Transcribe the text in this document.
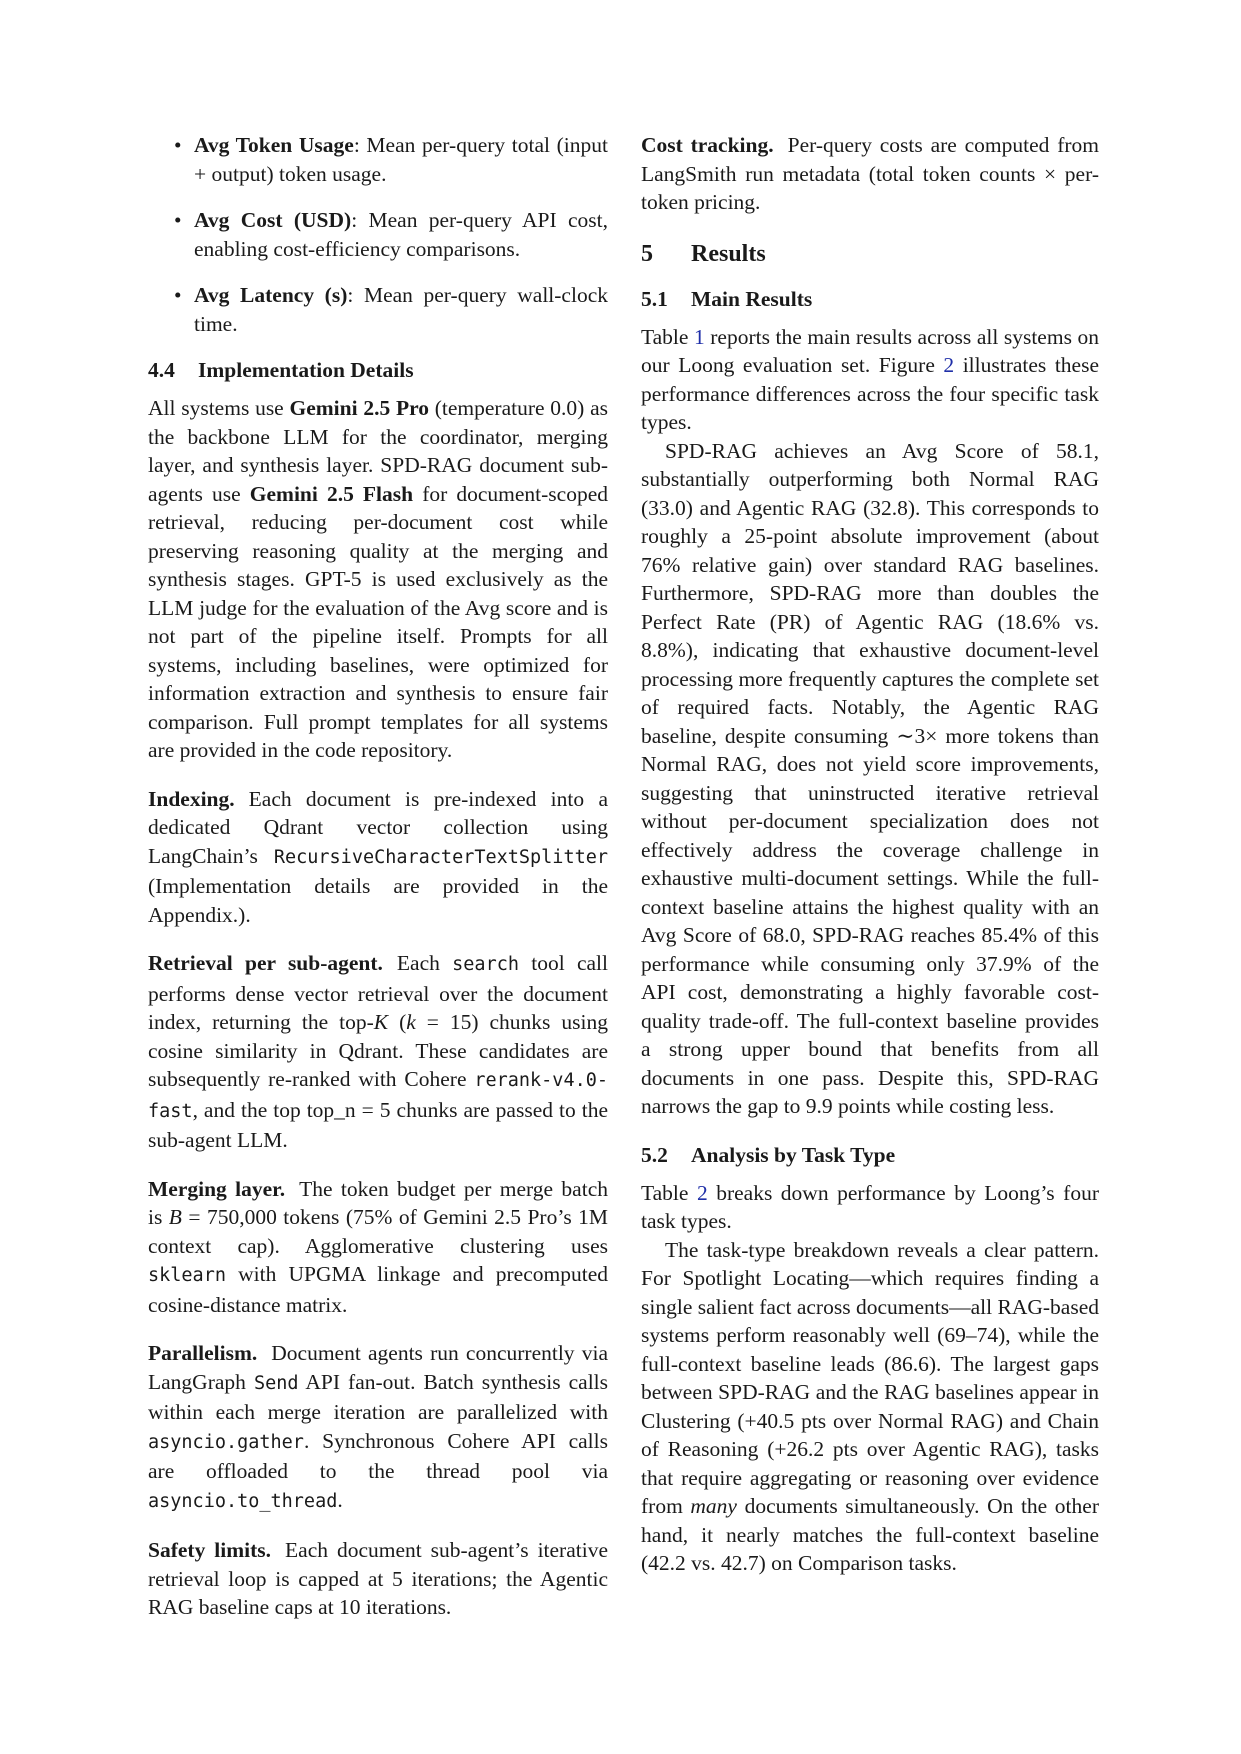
• Avg Token Usage: Mean per-query total (input + output) token usage.
• Avg Cost (USD): Mean per-query API cost, enabling cost-efficiency comparisons.
• Avg Latency (s): Mean per-query wall-clock time.
4.4 Implementation Details

All systems use Gemini 2.5 Pro (temperature 0.0) as the backbone LLM for the coordinator, merging layer, and synthesis layer. SPD-RAG document sub-agents use Gemini 2.5 Flash for document-scoped retrieval, reducing per-document cost while preserving reasoning quality at the merging and synthesis stages. GPT-5 is used exclusively as the LLM judge for the evaluation of the Avg score and is not part of the pipeline itself. Prompts for all systems, including baselines, were optimized for information extraction and synthesis to ensure fair comparison. Full prompt templates for all systems are provided in the code repository.

Indexing. Each document is pre-indexed into a dedicated Qdrant vector collection using LangChain’s RecursiveCharacterTextSplitter (Implementation details are provided in the Appendix.).

Retrieval per sub-agent. Each search tool call performs dense vector retrieval over the document index, returning the top-K (k = 15) chunks using cosine similarity in Qdrant. These candidates are subsequently re-ranked with Cohere rerank-v4.0-fast, and the top top_n = 5 chunks are passed to the sub-agent LLM.

Merging layer. The token budget per merge batch is B = 750,000 tokens (75% of Gemini 2.5 Pro’s 1M context cap). Agglomerative clustering uses sklearn with UPGMA linkage and precomputed cosine-distance matrix.

Parallelism. Document agents run concurrently via LangGraph Send API fan-out. Batch synthesis calls within each merge iteration are parallelized with asyncio.gather. Synchronous Cohere API calls are offloaded to the thread pool via asyncio.to_thread.

Safety limits. Each document sub-agent’s iterative retrieval loop is capped at 5 iterations; the Agentic RAG baseline caps at 10 iterations.

Cost tracking. Per-query costs are computed from LangSmith run metadata (total token counts × per-token pricing.

5 Results
5.1 Main Results

Table 1 reports the main results across all systems on our Loong evaluation set. Figure 2 illustrates these performance differences across the four specific task types.

SPD-RAG achieves an Avg Score of 58.1, substantially outperforming both Normal RAG (33.0) and Agentic RAG (32.8). This corresponds to roughly a 25-point absolute improvement (about 76% relative gain) over standard RAG baselines. Furthermore, SPD-RAG more than doubles the Perfect Rate (PR) of Agentic RAG (18.6% vs. 8.8%), indicating that exhaustive document-level processing more frequently captures the complete set of required facts. Notably, the Agentic RAG baseline, despite consuming ∼3× more tokens than Normal RAG, does not yield score improvements, suggesting that uninstructed iterative retrieval without per-document specialization does not effectively address the coverage challenge in exhaustive multi-document settings. While the full-context baseline attains the highest quality with an Avg Score of 68.0, SPD-RAG reaches 85.4% of this performance while consuming only 37.9% of the API cost, demonstrating a highly favorable cost-quality trade-off. The full-context baseline provides a strong upper bound that benefits from all documents in one pass. Despite this, SPD-RAG narrows the gap to 9.9 points while costing less.

5.2 Analysis by Task Type

Table 2 breaks down performance by Loong’s four task types.

The task-type breakdown reveals a clear pattern. For Spotlight Locating—which requires finding a single salient fact across documents—all RAG-based systems perform reasonably well (69–74), while the full-context baseline leads (86.6). The largest gaps between SPD-RAG and the RAG baselines appear in Clustering (+40.5 pts over Normal RAG) and Chain of Reasoning (+26.2 pts over Agentic RAG), tasks that require aggregating or reasoning over evidence from many documents simultaneously. On the other hand, it nearly matches the full-context baseline (42.2 vs. 42.7) on Comparison tasks.
